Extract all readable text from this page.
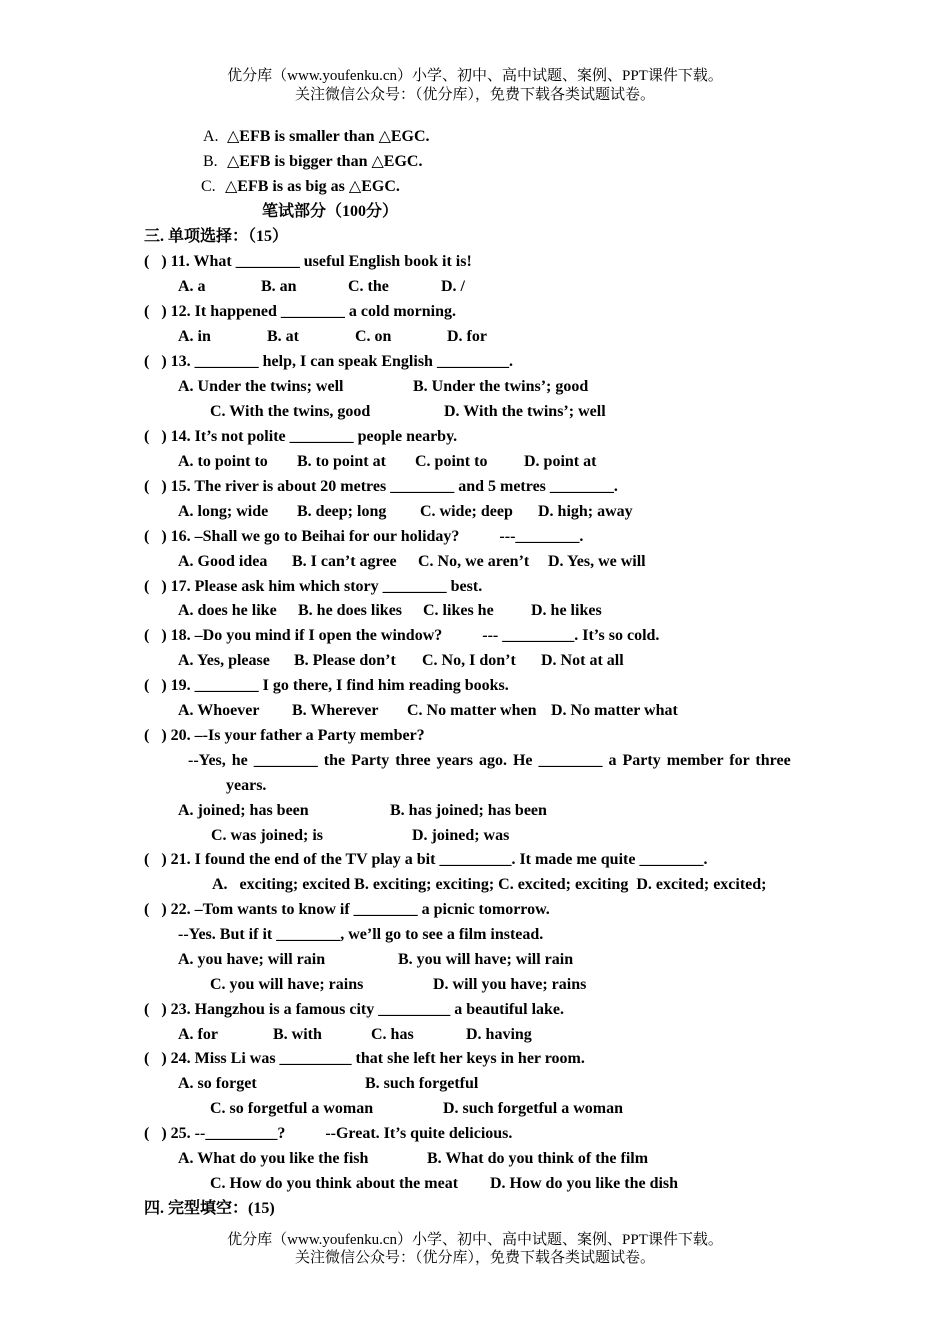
优分库（www.youfenku.cn）小学、初中、高中试题、案例、PPT课件下载。
关注微信公众号：（优分库），免费下载各类试题试卷。
A. △EFB is smaller than △EGC.
B. △EFB is bigger than △EGC.
C. △EFB is as big as △EGC.
笔试部分（100分）
三. 单项选择：（15）
(   ) 11. What ________ useful English book it is!
A. a	B. an	C. the	D. /
(   ) 12. It happened ________ a cold morning.
A. in	B. at	C. on	D. for
(   ) 13. ________ help, I can speak English _________.
A. Under the twins; well	B. Under the twins’; good
C. With the twins, good	D. With the twins’; well
(   ) 14. It’s not polite ________ people nearby.
A. to point to B. to point at C. point to D. point at
(   ) 15. The river is about 20 metres ________ and 5 metres ________.
A. long; wide B. deep; long C. wide; deep D. high; away
(   ) 16. –Shall we go to Beihai for our holiday?          ---________.
A. Good idea B. I can’t agree C. No, we aren’t D. Yes, we will
(   ) 17. Please ask him which story ________ best.
A. does he like B. he does likes C. likes he D. he likes
(   ) 18. –Do you mind if I open the window?          --- _________. It’s so cold.
A. Yes, please B. Please don’t C. No, I don’t D. Not at all
(   ) 19. ________ I go there, I find him reading books.
A. Whoever B. Wherever C. No matter when D. No matter what
(   ) 20. –-Is your father a Party member?
--Yes, he ________ the Party three years ago. He ________ a Party member for three
years.
A. joined; has been	B. has joined; has been
C. was joined; is	D. joined; was
(   ) 21. I found the end of the TV play a bit _________. It made me quite ________.
A.   exciting; excited B. exciting; exciting; C. excited; exciting  D. excited; excited;
(   ) 22. –Tom wants to know if ________ a picnic tomorrow.
--Yes. But if it ________, we’ll go to see a film instead.
A. you have; will rain	B. you will have; will rain
C. you will have; rains	D. will you have; rains
(   ) 23. Hangzhou is a famous city _________ a beautiful lake.
A. for	B. with	C. has	D. having
(   ) 24. Miss Li was _________ that she left her keys in her room.
A. so forget	B. such forgetful
C. so forgetful a woman	D. such forgetful a woman
(   ) 25. --_________?          --Great. It’s quite delicious.
A. What do you like the fish	B. What do you think of the film
C. How do you think about the meat D. How do you like the dish
四. 完型填空：(15)
优分库（www.youfenku.cn）小学、初中、高中试题、案例、PPT课件下载。
关注微信公众号：（优分库），免费下载各类试题试卷。
